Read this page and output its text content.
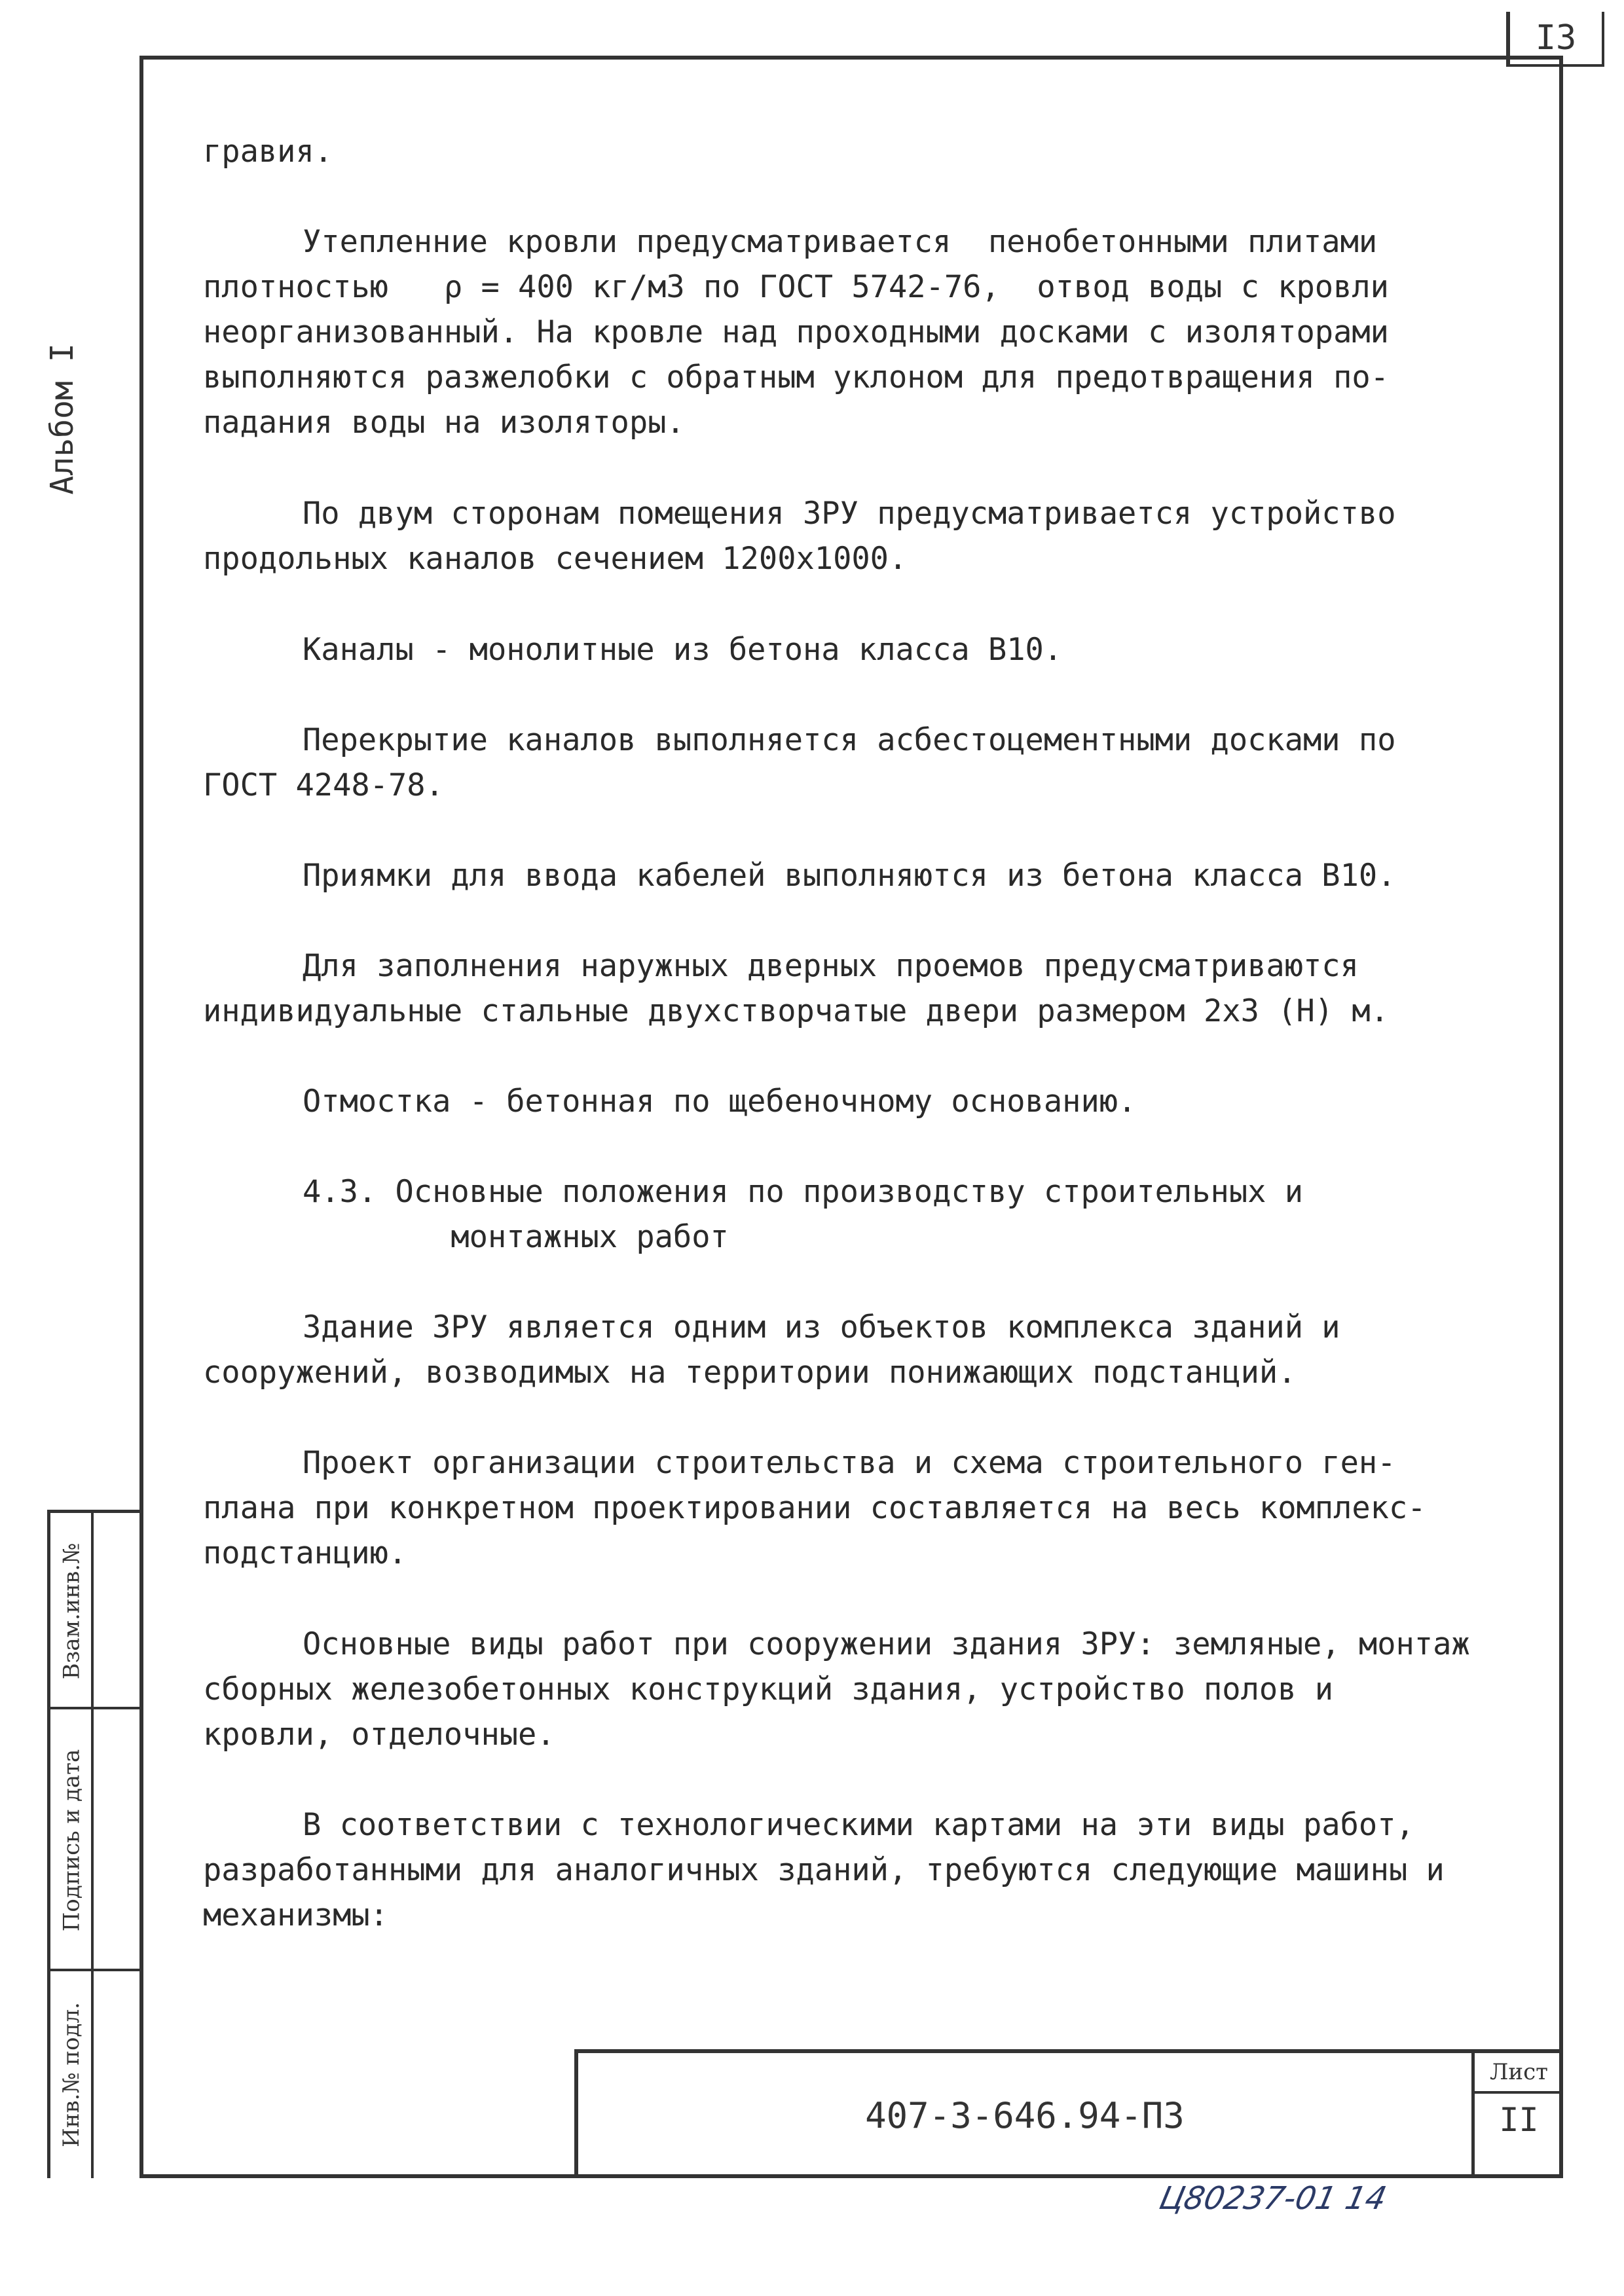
I3
Альбом I
гравия.
Утепленние кровли предусматривается  пенобетонными плитами плотностью   ρ = 400 кг/м3 по ГОСТ 5742-76,  отвод воды с кровли неорганизованный. На кровле над проходными досками с изоляторами выполняются разжелобки с обратным уклоном для предотвращения по- падания воды на изоляторы.
По двум сторонам помещения ЗРУ предусматривается устройство продольных каналов сечением 1200х1000.
Каналы - монолитные из бетона класса В10.
Перекрытие каналов выполняется асбестоцементными досками по ГОСТ 4248-78.
Приямки для ввода кабелей выполняются из бетона класса В10.
Для заполнения наружных дверных проемов предусматриваются индивидуальные стальные двухстворчатые двери размером 2х3 (Н) м.
Отмостка - бетонная по щебеночному основанию.
4.3. Основные положения по производству строительных и
монтажных работ
Здание ЗРУ является одним из объектов комплекса зданий и сооружений, возводимых на территории понижающих подстанций.
Проект организации строительства и схема строительного ген- плана при конкретном проектировании составляется на весь комплекс- подстанцию.
Основные виды работ при сооружении здания ЗРУ: земляные, монтаж сборных железобетонных конструкций здания, устройство полов и кровли, отделочные.
В соответствии с технологическими картами на эти виды работ, разработанными для аналогичных зданий, требуются следующие машины и механизмы:
Взам.инв.№
Подпись и дата
Инв.№ подл.	407-3-646.94-ПЗ
Лист
II
Ц80237-01 14
